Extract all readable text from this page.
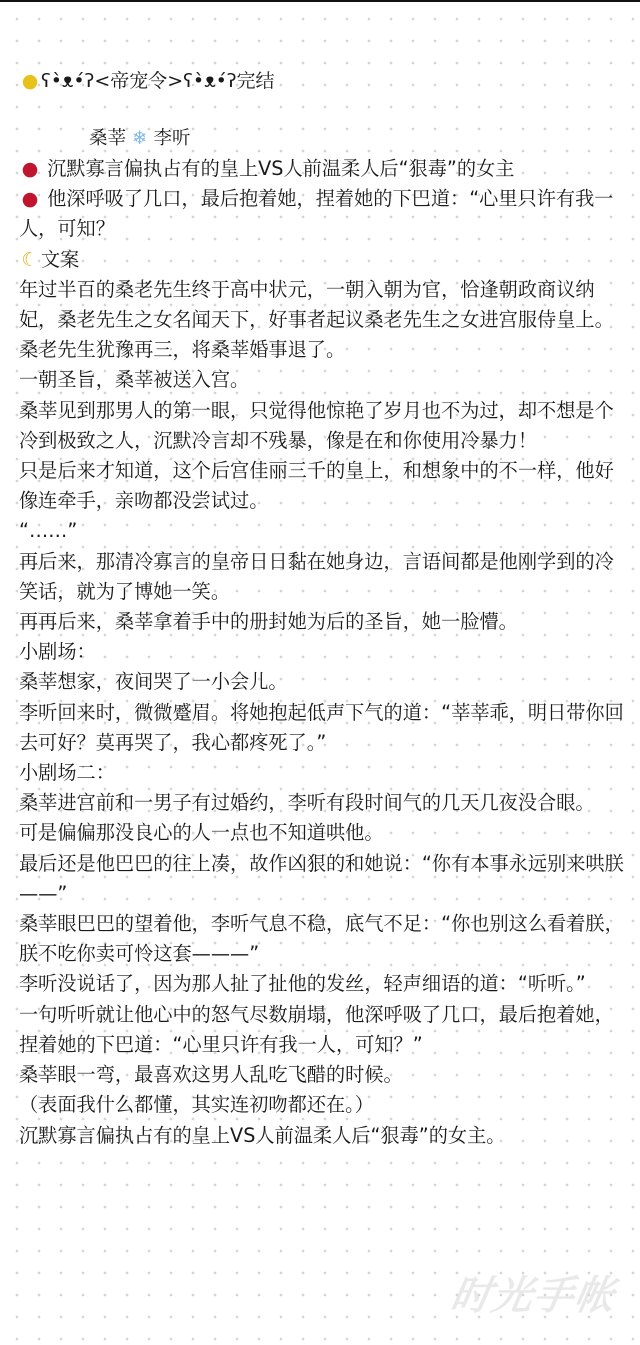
● ʕ•̀ᴥ•́ʔ<帝宠令>ʕ•̀ᴥ•́ʔ完结
桑莘 ❄ 李听

● 沉默寡言偏执占有的皇上VS人前温柔人后“狠毒”的女主

● 他深呼吸了几口，最后抱着她，捏着她的下巴道：“心里只许有我一人，可知？

☾ 文案

年过半百的桑老先生终于高中状元，一朝入朝为官，恰逢朝政商议纳妃，桑老先生之女名闻天下，好事者起议桑老先生之女进宫服侍皇上。

桑老先生犹豫再三，将桑莘婚事退了。

一朝圣旨，桑莘被送入宫。

桑莘见到那男人的第一眼，只觉得他惊艳了岁月也不为过，却不想是个冷到极致之人，沉默冷言却不残暴，像是在和你使用冷暴力！

只是后来才知道，这个后宫佳丽三千的皇上，和想象中的不一样，他好像连牵手，亲吻都没尝试过。

“……”

再后来，那清冷寡言的皇帝日日黏在她身边，言语间都是他刚学到的冷笑话，就为了博她一笑。

再再后来，桑莘拿着手中的册封她为后的圣旨，她一脸懵。

小剧场：

桑莘想家，夜间哭了一小会儿。

李听回来时，微微蹙眉。将她抱起低声下气的道：“莘莘乖，明日带你回去可好？莫再哭了，我心都疼死了。”

小剧场二：

桑莘进宫前和一男子有过婚约，李听有段时间气的几天几夜没合眼。

可是偏偏那没良心的人一点也不知道哄他。

最后还是他巴巴的往上凑，故作凶狠的和她说：“你有本事永远别来哄朕——”

桑莘眼巴巴的望着他，李听气息不稳，底气不足：“你也别这么看着朕，朕不吃你卖可怜这套———”

李听没说话了，因为那人扯了扯他的发丝，轻声细语的道：“听听。”

一句听听就让他心中的怒气尽数崩塌，他深呼吸了几口，最后抱着她，捏着她的下巴道：“心里只许有我一人，可知？”

桑莘眼一弯，最喜欢这男人乱吃飞醋的时候。

（表面我什么都懂，其实连初吻都还在。）

沉默寡言偏执占有的皇上VS人前温柔人后“狠毒”的女主。

时光手帐
